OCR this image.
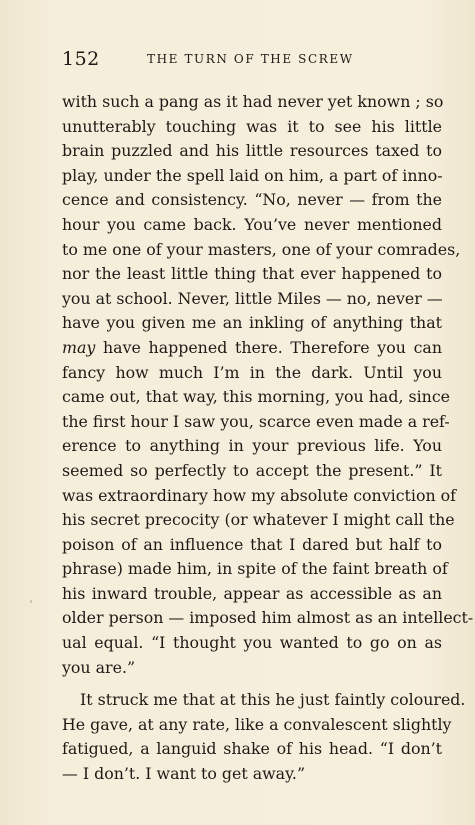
152	THE TURN OF THE SCREW
with such a pang as it had never yet known ; so
unutterably touching was it to see his little
brain puzzled and his little resources taxed to
play, under the spell laid on him, a part of inno-
cence and consistency. “No, never — from the
hour you came back. You’ve never mentioned
to me one of your masters, one of your comrades,
nor the least little thing that ever happened to
you at school. Never, little Miles — no, never —
have you given me an inkling of anything that
may have happened there. Therefore you can
fancy how much I’m in the dark. Until you
came out, that way, this morning, you had, since
the first hour I saw you, scarce even made a ref-
erence to anything in your previous life. You
seemed so perfectly to accept the present.” It
was extraordinary how my absolute conviction of
his secret precocity (or whatever I might call the
poison of an influence that I dared but half to
phrase) made him, in spite of the faint breath of
his inward trouble, appear as accessible as an
older person — imposed him almost as an intellect-
ual equal. “I thought you wanted to go on as
you are.”
It struck me that at this he just faintly coloured.
He gave, at any rate, like a convalescent slightly
fatigued, a languid shake of his head. “I don’t
— I don’t. I want to get away.”
